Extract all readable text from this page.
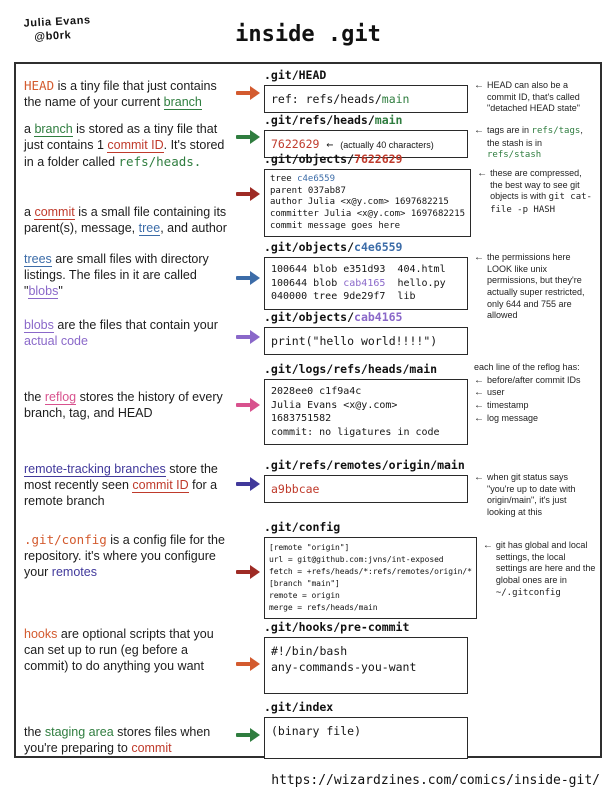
Julia Evans
@b0rk	inside .git
HEAD is a tiny file that just contains the name of your current branch
.git/HEAD
ref: refs/heads/main
← HEAD can also be a commit ID, that's called "detached HEAD state"
a branch is stored as a tiny file that just contains 1 commit ID. It's stored in a folder called refs/heads.
.git/refs/heads/main
7622629 ← (actually 40 characters)
← tags are in refs/tags, the stash is in refs/stash
a commit is a small file containing its parent(s), message, tree, and author
.git/objects/7622629
tree c4e6559
parent 037ab87
author Julia <x@y.com> 1697682215
committer Julia <x@y.com> 1697682215
commit message goes here
← these are compressed, the best way to see git objects is with git cat-file -p HASH
trees are small files with directory listings. The files in it are called "blobs"
.git/objects/c4e6559
100644 blob e351d93  404.html
100644 blob cab4165  hello.py
040000 tree 9de29f7  lib
← the permissions here LOOK like unix permissions, but they're actually super restricted, only 644 and 755 are allowed
blobs are the files that contain your actual code
.git/objects/cab4165
print("hello world!!!!")
the reflog stores the history of every branch, tag, and HEAD
.git/logs/refs/heads/main
2028ee0 c1f9a4c
Julia Evans <x@y.com>
1683751582
commit: no ligatures in code
each line of the reflog has:
← before/after commit IDs
← user
← timestamp
← log message
remote-tracking branches store the most recently seen commit ID for a remote branch
.git/refs/remotes/origin/main
a9bbcae
← when git status says "you're up to date with origin/main", it's just looking at this
.git/config is a config file for the repository. it's where you configure your remotes
.git/config
[remote "origin"]
url = git@github.com:jvns/int-exposed
fetch = +refs/heads/*:refs/remotes/origin/*
[branch "main"]
remote = origin
merge = refs/heads/main
← git has global and local settings, the local settings are here and the global ones are in ~/.gitconfig
hooks are optional scripts that you can set up to run (eg before a commit) to do anything you want
.git/hooks/pre-commit
#!/bin/bash
any-commands-you-want
the staging area stores files when you're preparing to commit
.git/index
(binary file)
https://wizardzines.com/comics/inside-git/
